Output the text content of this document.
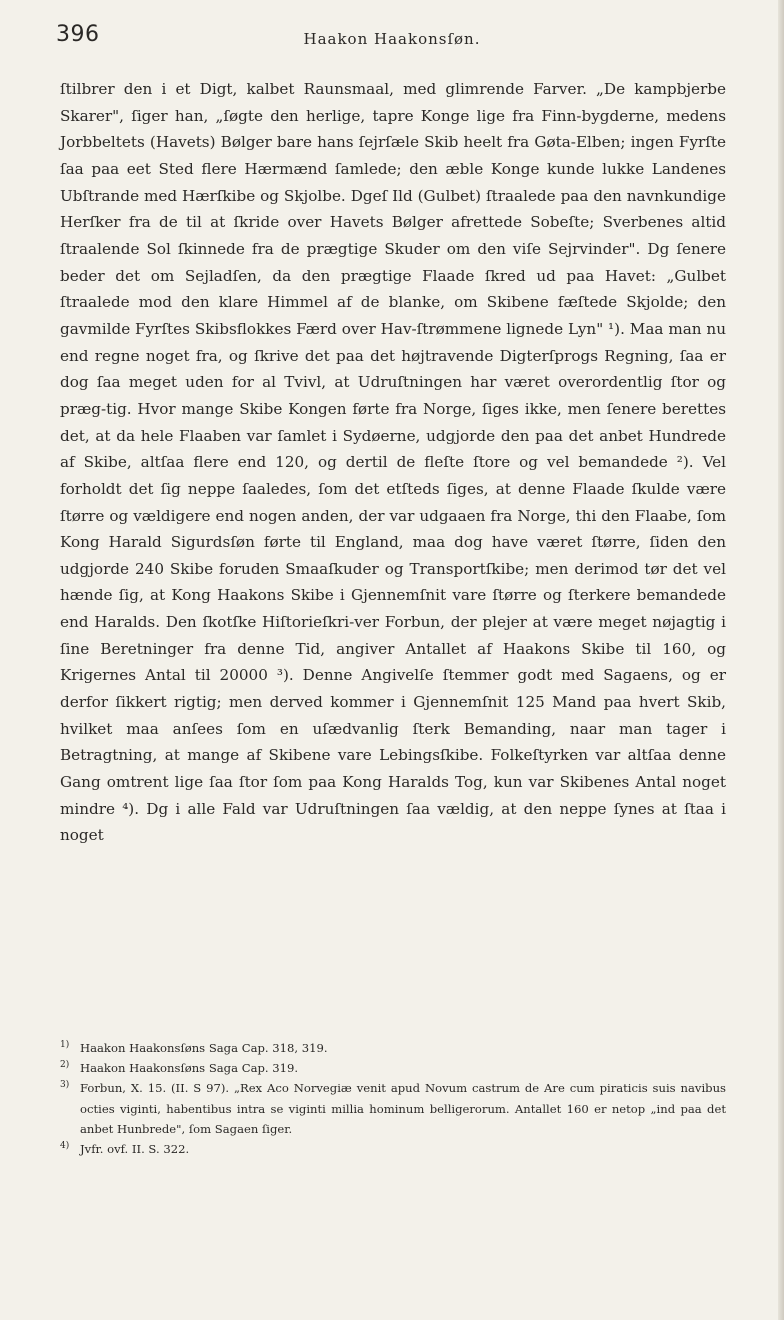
396	Haakon Haakonsſøn.

ſtilbrer den i et Digt, kalbet Raunsmaal, med glimrende Farver. „De kampbjerbe Skarer", ſiger han, „ſøgte den herlige, tapre Konge lige fra Finn-bygderne, medens Jorbbeltets (Havets) Bølger bare hans ſejrſæle Skib heelt fra Gøta-Elben; ingen Fyrſte ſaa paa eet Sted flere Hærmænd ſamlede; den æble Konge kunde lukke Landenes Ubſtrande med Hærſkibe og Skjolbe. Dgeſ Ild (Gulbet) ſtraalede paa den navnkundige Herſker fra de til at ſkride over Havets Bølger afrettede Sobeſte; Sverbenes altid ſtraalende Sol ſkinnede fra de prægtige Skuder om den viſe Sejrvinder". Dg ſenere beder det om Sejladſen, da den prægtige Flaade ſkred ud paa Havet: „Gulbet ſtraalede mod den klare Himmel af de blanke, om Skibene fæſtede Skjolde; den gavmilde Fyrſtes Skibsflokkes Færd over Hav-ſtrømmene lignede Lyn" ¹). Maa man nu end regne noget fra, og ſkrive det paa det højtravende Digterſprogs Regning, ſaa er dog ſaa meget uden for al Tvivl, at Udruſtningen har været overordentlig ſtor og præg-tig. Hvor mange Skibe Kongen førte fra Norge, ſiges ikke, men ſenere berettes det, at da hele Flaaben var ſamlet i Sydøerne, udgjorde den paa det anbet Hundrede af Skibe, altſaa flere end 120, og dertil de fleſte ſtore og vel bemandede ²). Vel forholdt det ſig neppe ſaaledes, ſom det etſteds ſiges, at denne Flaade ſkulde være ſtørre og vældigere end nogen anden, der var udgaaen fra Norge, thi den Flaabe, ſom Kong Harald Sigurdsſøn førte til England, maa dog have været ſtørre, ſiden den udgjorde 240 Skibe foruden Smaaſkuder og Transportſkibe; men derimod tør det vel hænde ſig, at Kong Haakons Skibe i Gjennemſnit vare ſtørre og ſterkere bemandede end Haralds. Den ſkotſke Hiſtorieſkri-ver Forbun, der plejer at være meget nøjagtig i ſine Beretninger fra denne Tid, angiver Antallet af Haakons Skibe til 160, og Krigernes Antal til 20000 ³). Denne Angivelſe ſtemmer godt med Sagaens, og er derfor ſikkert rigtig; men derved kommer i Gjennemſnit 125 Mand paa hvert Skib, hvilket maa anſees ſom en uſædvanlig ſterk Bemanding, naar man tager i Betragtning, at mange af Skibene vare Lebingsſkibe. Folkeſtyrken var altſaa denne Gang omtrent lige ſaa ſtor ſom paa Kong Haralds Tog, kun var Skibenes Antal noget mindre ⁴). Dg i alle Fald var Udruſtningen ſaa vældig, at den neppe ſynes at ſtaa i noget

1) Haakon Haakonsſøns Saga Cap. 318, 319.

2) Haakon Haakonsſøns Saga Cap. 319.

3) Forbun, X. 15. (II. S 97). „Rex Aco Norvegiæ venit apud Novum castrum de Are cum piraticis suis navibus octies viginti, habentibus intra se viginti millia hominum belligerorum. Antallet 160 er netop „ind paa det anbet Hunbrede", ſom Sagaen ſiger.

4) Jvfr. ovf. II. S. 322.
